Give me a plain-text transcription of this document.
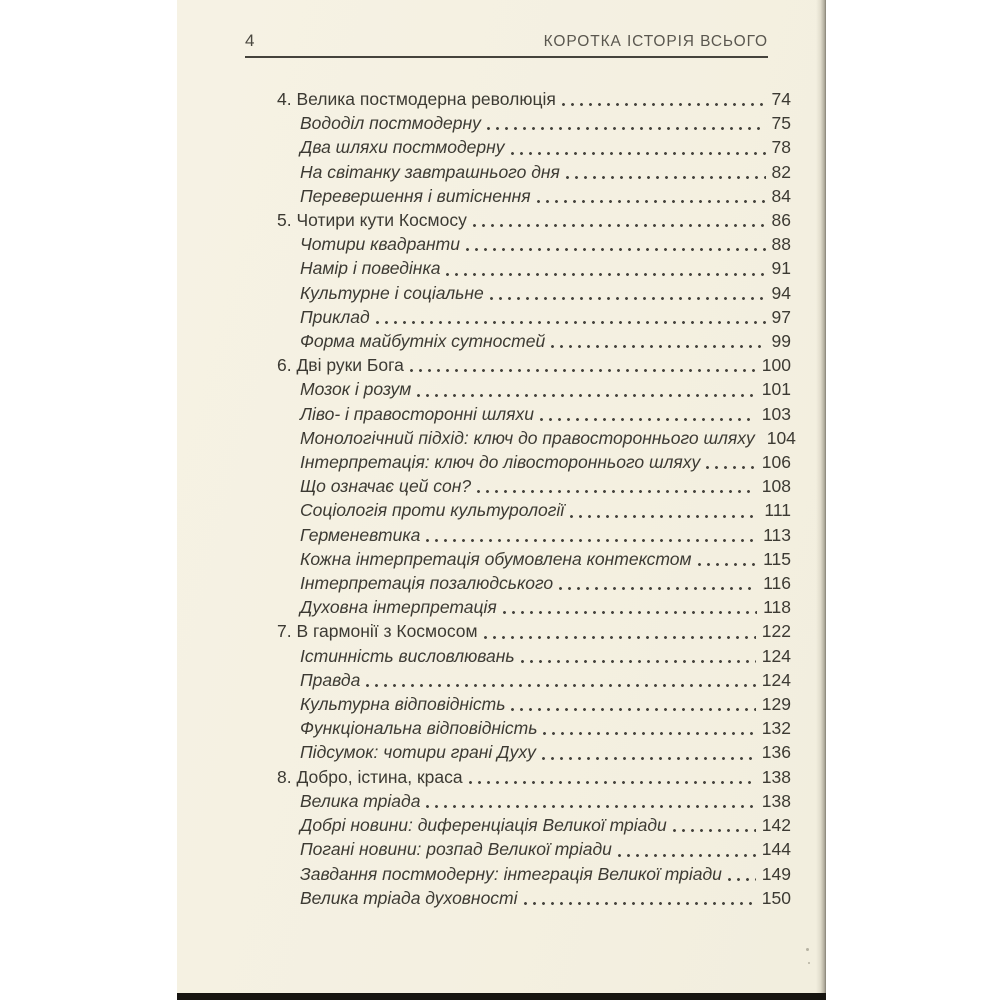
4	КОРОТКА ІСТОРІЯ ВСЬОГО
4. Велика постмодерна революція	74
Вододіл постмодерну	75
Два шляхи постмодерну	78
На світанку завтрашнього дня	82
Перевершення і витіснення	84
5. Чотири кути Космосу	86
Чотири квадранти	88
Намір і поведінка	91
Культурне і соціальне	94
Приклад	97
Форма майбутніх сутностей	99
6. Дві руки Бога	100
Мозок і розум	101
Ліво- і правосторонні шляхи	103
Монологічний підхід: ключ до правостороннього шляху 104
Інтерпретація: ключ до лівостороннього шляху	106
Що означає цей сон?	108
Соціологія проти культурології	111
Герменевтика	113
Кожна інтерпретація обумовлена контекстом	115
Інтерпретація позалюдського	116
Духовна інтерпретація	118
7. В гармонії з Космосом	122
Істинність висловлювань	124
Правда	124
Культурна відповідність	129
Функціональна відповідність	132
Підсумок: чотири грані Духу	136
8. Добро, істина, краса	138
Велика тріада	138
Добрі новини: диференціація Великої тріади	142
Погані новини: розпад Великої тріади	144
Завдання постмодерну: інтеграція Великої тріади 149
Велика тріада духовності	150
